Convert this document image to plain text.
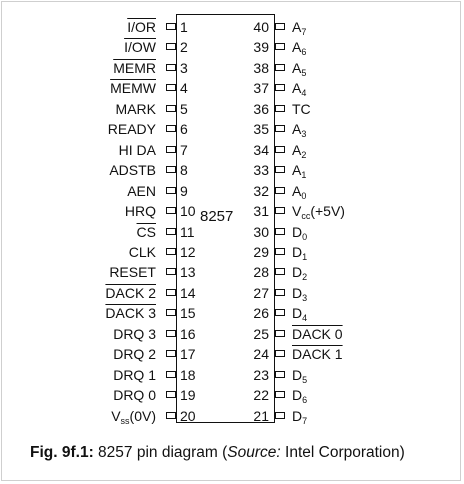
8257
I/OR 1
I/OW 2
MEMR 3
MEMW 4
MARK 5
READY 6
HI DA 7
ADSTB 8
AEN 9
HRQ 10
$\overline{CS}$ 11
CLK 12
RESET 13
DACK 2 14
DACK 3 15
DRQ 3 16
DRQ 2 17
DRQ 1 18
DRQ 0 19
$V_{ss}(0V)$ 20
40 $A_7$
39 $A_6$
38 $A_5$
37 $A_4$
36 TC
35 $A_3$
34 $A_2$
33 $A_1$
32 $A_0$
31 $V_{cc}(+5V)$
30 $D_0$
29 $D_1$
28 $D_2$
27 $D_3$
26 $D_4$
25 DACK 0
24 DACK 1
23 $D_5$
22 $D_6$
21 $D_7$
Fig. 9f.1: 8257 pin diagram (Source: Intel Corporation)
